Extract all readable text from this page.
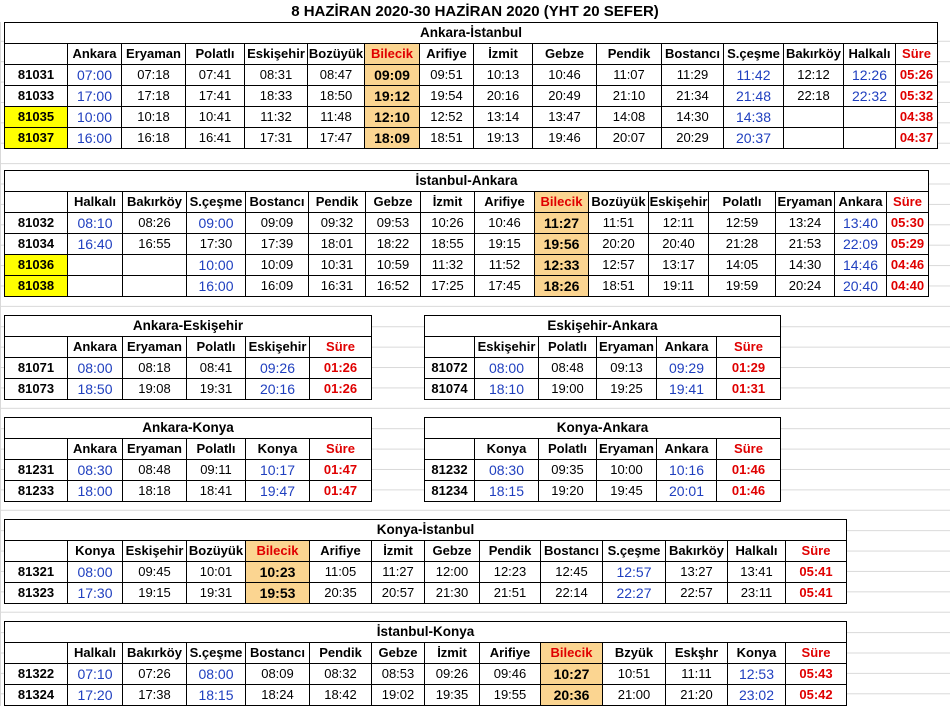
8 HAZİRAN 2020-30 HAZİRAN 2020 (YHT 20 SEFER)
Ankara-İstanbul															
	Ankara	Eryaman	Polatlı	Eskişehir	Bozüyük	Bilecik	Arifiye	İzmit	Gebze	Pendik	Bostancı	S.çeşme	Bakırköy	Halkalı	Süre
81031	07:00	07:18	07:41	08:31	08:47	09:09	09:51	10:13	10:46	11:07	11:29	11:42	12:12	12:26	05:26
81033	17:00	17:18	17:41	18:33	18:50	19:12	19:54	20:16	20:49	21:10	21:34	21:48	22:18	22:32	05:32
81035	10:00	10:18	10:41	11:32	11:48	12:10	12:52	13:14	13:47	14:08	14:30	14:38			04:38
81037	16:00	16:18	16:41	17:31	17:47	18:09	18:51	19:13	19:46	20:07	20:29	20:37			04:37
İstanbul-Ankara															
	Halkalı	Bakırköy	S.çeşme	Bostancı	Pendik	Gebze	İzmit	Arifiye	Bilecik	Bozüyük	Eskişehir	Polatlı	Eryaman	Ankara	Süre
81032	08:10	08:26	09:00	09:09	09:32	09:53	10:26	10:46	11:27	11:51	12:11	12:59	13:24	13:40	05:30
81034	16:40	16:55	17:30	17:39	18:01	18:22	18:55	19:15	19:56	20:20	20:40	21:28	21:53	22:09	05:29
81036			10:00	10:09	10:31	10:59	11:32	11:52	12:33	12:57	13:17	14:05	14:30	14:46	04:46
81038			16:00	16:09	16:31	16:52	17:25	17:45	18:26	18:51	19:11	19:59	20:24	20:40	04:40
Ankara-Eskişehir					
	Ankara	Eryaman	Polatlı	Eskişehir	Süre
81071	08:00	08:18	08:41	09:26	01:26
81073	18:50	19:08	19:31	20:16	01:26
Eskişehir-Ankara					
	Eskişehir	Polatlı	Eryaman	Ankara	Süre
81072	08:00	08:48	09:13	09:29	01:29
81074	18:10	19:00	19:25	19:41	01:31
Ankara-Konya					
	Ankara	Eryaman	Polatlı	Konya	Süre
81231	08:30	08:48	09:11	10:17	01:47
81233	18:00	18:18	18:41	19:47	01:47
Konya-Ankara					
	Konya	Polatlı	Eryaman	Ankara	Süre
81232	08:30	09:35	10:00	10:16	01:46
81234	18:15	19:20	19:45	20:01	01:46
Konya-İstanbul													
	Konya	Eskişehir	Bozüyük	Bilecik	Arifiye	İzmit	Gebze	Pendik	Bostancı	S.çeşme	Bakırköy	Halkalı	Süre
81321	08:00	09:45	10:01	10:23	11:05	11:27	12:00	12:23	12:45	12:57	13:27	13:41	05:41
81323	17:30	19:15	19:31	19:53	20:35	20:57	21:30	21:51	22:14	22:27	22:57	23:11	05:41
İstanbul-Konya													
	Halkalı	Bakırköy	S.çeşme	Bostancı	Pendik	Gebze	İzmit	Arifiye	Bilecik	Bzyük	Eskşhr	Konya	Süre
81322	07:10	07:26	08:00	08:09	08:32	08:53	09:26	09:46	10:27	10:51	11:11	12:53	05:43
81324	17:20	17:38	18:15	18:24	18:42	19:02	19:35	19:55	20:36	21:00	21:20	23:02	05:42
